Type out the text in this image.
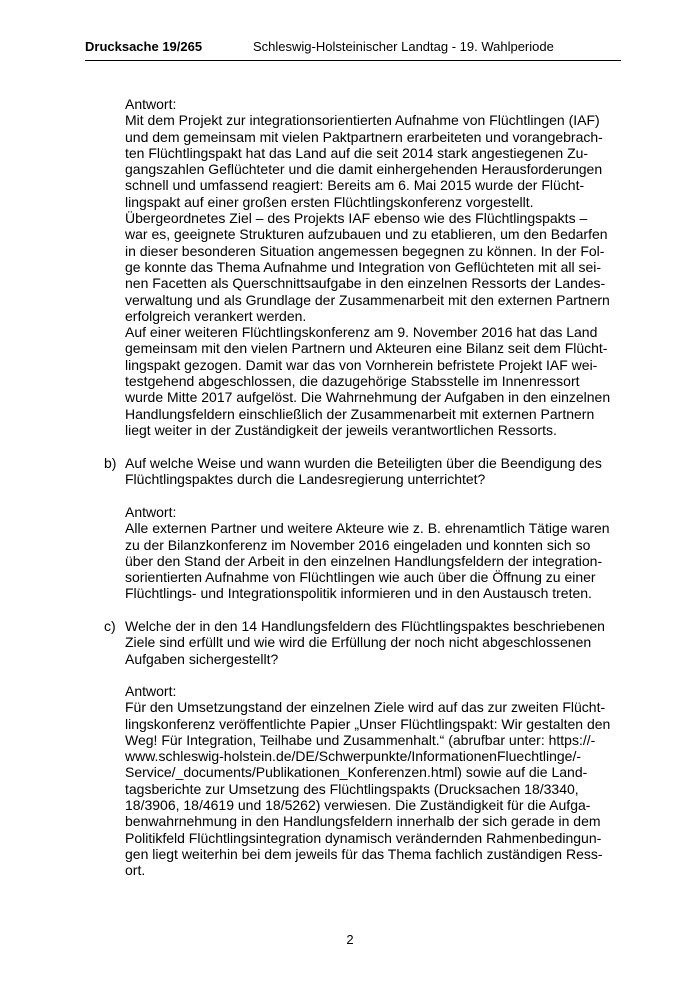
Drucksache 19/265	Schleswig-Holsteinischer Landtag - 19. Wahlperiode
Antwort:
Mit dem Projekt zur integrationsorientierten Aufnahme von Flüchtlingen (IAF)
und dem gemeinsam mit vielen Paktpartnern erarbeiteten und vorangebrach-
ten Flüchtlingspakt hat das Land auf die seit 2014 stark angestiegenen Zu-
gangszahlen Geflüchteter und die damit einhergehenden Herausforderungen
schnell und umfassend reagiert: Bereits am 6. Mai 2015 wurde der Flücht-
lingspakt auf einer großen ersten Flüchtlingskonferenz vorgestellt.
Übergeordnetes Ziel – des Projekts IAF ebenso wie des Flüchtlingspakts –
war es, geeignete Strukturen aufzubauen und zu etablieren, um den Bedarfen
in dieser besonderen Situation angemessen begegnen zu können. In der Fol-
ge konnte das Thema Aufnahme und Integration von Geflüchteten mit all sei-
nen Facetten als Querschnittsaufgabe in den einzelnen Ressorts der Landes-
verwaltung und als Grundlage der Zusammenarbeit mit den externen Partnern
erfolgreich verankert werden.
Auf einer weiteren Flüchtlingskonferenz am 9. November 2016 hat das Land
gemeinsam mit den vielen Partnern und Akteuren eine Bilanz seit dem Flücht-
lingspakt gezogen. Damit war das von Vornherein befristete Projekt IAF wei-
testgehend abgeschlossen, die dazugehörige Stabsstelle im Innenressort
wurde Mitte 2017 aufgelöst. Die Wahrnehmung der Aufgaben in den einzelnen
Handlungsfeldern einschließlich der Zusammenarbeit mit externen Partnern
liegt weiter in der Zuständigkeit der jeweils verantwortlichen Ressorts.
b) Auf welche Weise und wann wurden die Beteiligten über die Beendigung des
Flüchtlingspaktes durch die Landesregierung unterrichtet?
Antwort:
Alle externen Partner und weitere Akteure wie z. B. ehrenamtlich Tätige waren
zu der Bilanzkonferenz im November 2016 eingeladen und konnten sich so
über den Stand der Arbeit in den einzelnen Handlungsfeldern der integration-
sorientierten Aufnahme von Flüchtlingen wie auch über die Öffnung zu einer
Flüchtlings- und Integrationspolitik informieren und in den Austausch treten.
c) Welche der in den 14 Handlungsfeldern des Flüchtlingspaktes beschriebenen
Ziele sind erfüllt und wie wird die Erfüllung der noch nicht abgeschlossenen
Aufgaben sichergestellt?
Antwort:
Für den Umsetzungstand der einzelnen Ziele wird auf das zur zweiten Flücht-
lingskonferenz veröffentlichte Papier „Unser Flüchtlingspakt: Wir gestalten den
Weg! Für Integration, Teilhabe und Zusammenhalt.“ (abrufbar unter: https://-
www.schleswig-holstein.de/DE/Schwerpunkte/InformationenFluechtlinge/-
Service/_documents/Publikationen_Konferenzen.html) sowie auf die Land-
tagsberichte zur Umsetzung des Flüchtlingspakts (Drucksachen 18/3340,
18/3906, 18/4619 und 18/5262) verwiesen. Die Zuständigkeit für die Aufga-
benwahrnehmung in den Handlungsfeldern innerhalb der sich gerade in dem
Politikfeld Flüchtlingsintegration dynamisch verändernden Rahmenbedingun-
gen liegt weiterhin bei dem jeweils für das Thema fachlich zuständigen Ress-
ort.
2
